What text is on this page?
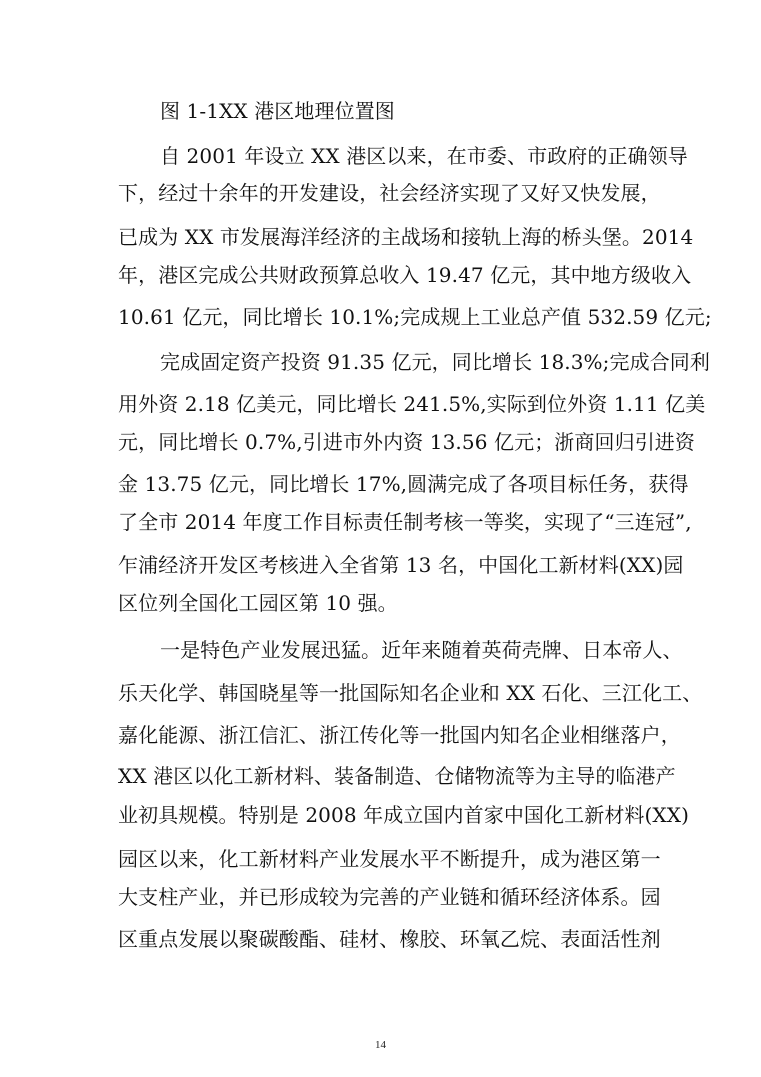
图 1-1XX 港区地理位置图
自 2001 年设立 XX 港区以来，在市委、市政府的正确领导
下，经过十余年的开发建设，社会经济实现了又好又快发展，
已成为 XX 市发展海洋经济的主战场和接轨上海的桥头堡。2014
年，港区完成公共财政预算总收入 19.47 亿元，其中地方级收入
10.61 亿元，同比增长 10.1%;完成规上工业总产值 532.59 亿元;
完成固定资产投资 91.35 亿元，同比增长 18.3%;完成合同利
用外资 2.18 亿美元，同比增长 241.5%,实际到位外资 1.11 亿美
元，同比增长 0.7%,引进市外内资 13.56 亿元；浙商回归引进资
金 13.75 亿元，同比增长 17%,圆满完成了各项目标任务，获得
了全市 2014 年度工作目标责任制考核一等奖，实现了“三连冠”,
乍浦经济开发区考核进入全省第 13 名，中国化工新材料(XX)园
区位列全国化工园区第 10 强。
一是特色产业发展迅猛。近年来随着英荷壳牌、日本帝人、
乐天化学、韩国晓星等一批国际知名企业和 XX 石化、三江化工、
嘉化能源、浙江信汇、浙江传化等一批国内知名企业相继落户，
XX 港区以化工新材料、装备制造、仓储物流等为主导的临港产
业初具规模。特别是 2008 年成立国内首家中国化工新材料(XX)
园区以来，化工新材料产业发展水平不断提升，成为港区第一
大支柱产业，并已形成较为完善的产业链和循环经济体系。园
区重点发展以聚碳酸酯、硅材、橡胶、环氧乙烷、表面活性剂
14
